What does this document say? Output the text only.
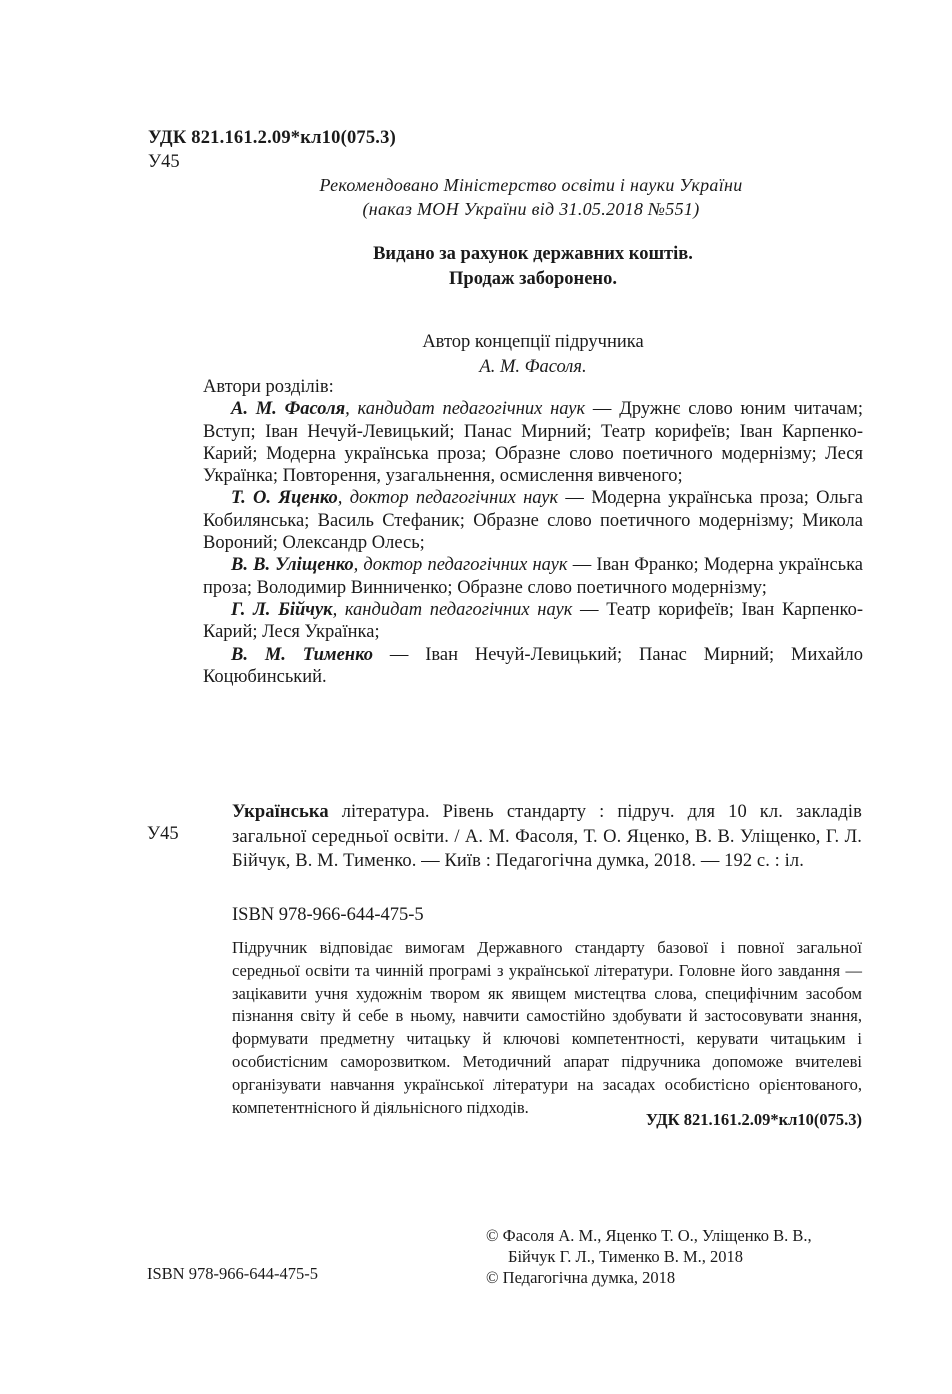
УДК 821.161.2.09*кл10(075.3)
У45
Рекомендовано Міністерство освіти і науки України
(наказ МОН України від 31.05.2018 №551)
Видано за рахунок державних коштів.
Продаж заборонено.
Автор концепції підручника
А. М. Фасоля.
Автори розділів:

А. М. Фасоля, кандидат педагогічних наук — Дружнє слово юним читачам; Вступ; Іван Нечуй-Левицький; Панас Мирний; Театр корифеїв; Іван Карпенко-Карий; Модерна українська проза; Образне слово поетичного модернізму; Леся Українка; Повторення, узагальнення, осмислення вивченого;

Т. О. Яценко, доктор педагогічних наук — Модерна українська проза; Ольга Кобилянська; Василь Стефаник; Образне слово поетичного модернізму; Микола Вороний; Олександр Олесь;

В. В. Уліщенко, доктор педагогічних наук — Іван Франко; Модерна українська проза; Володимир Винниченко; Образне слово поетичного модернізму;

Г. Л. Бійчук, кандидат педагогічних наук — Театр корифеїв; Іван Карпенко-Карий; Леся Українка;

В. М. Тименко — Іван Нечуй-Левицький; Панас Мирний; Михайло Коцюбинський.

У45
Українська література. Рівень стандарту : підруч. для 10 кл. закладів загальної середньої освіти. / А. М. Фасоля, Т. О. Яценко, В. В. Уліщенко, Г. Л. Бійчук, В. М. Тименко. — Київ : Педагогічна думка, 2018. — 192 с. : іл.
ISBN 978-966-644-475-5
Підручник відповідає вимогам Державного стандарту базової і повної загальної середньої освіти та чинній програмі з української літератури. Головне його завдання — зацікавити учня художнім твором як явищем мистецтва слова, специфічним засобом пізнання світу й себе в ньому, навчити самостійно здобувати й застосовувати знання, формувати предметну читацьку й ключові компетентності, керувати читацьким і особистісним саморозвитком. Методичний апарат підручника допоможе вчителеві організувати навчання української літератури на засадах особистісно орієнтованого, компетентнісного й діяльнісного підходів.
УДК 821.161.2.09*кл10(075.3)
ISBN 978-966-644-475-5
© Фасоля А. М., Яценко Т. О., Уліщенко В. В.,
Бійчук Г. Л., Тименко В. М., 2018
© Педагогічна думка, 2018
